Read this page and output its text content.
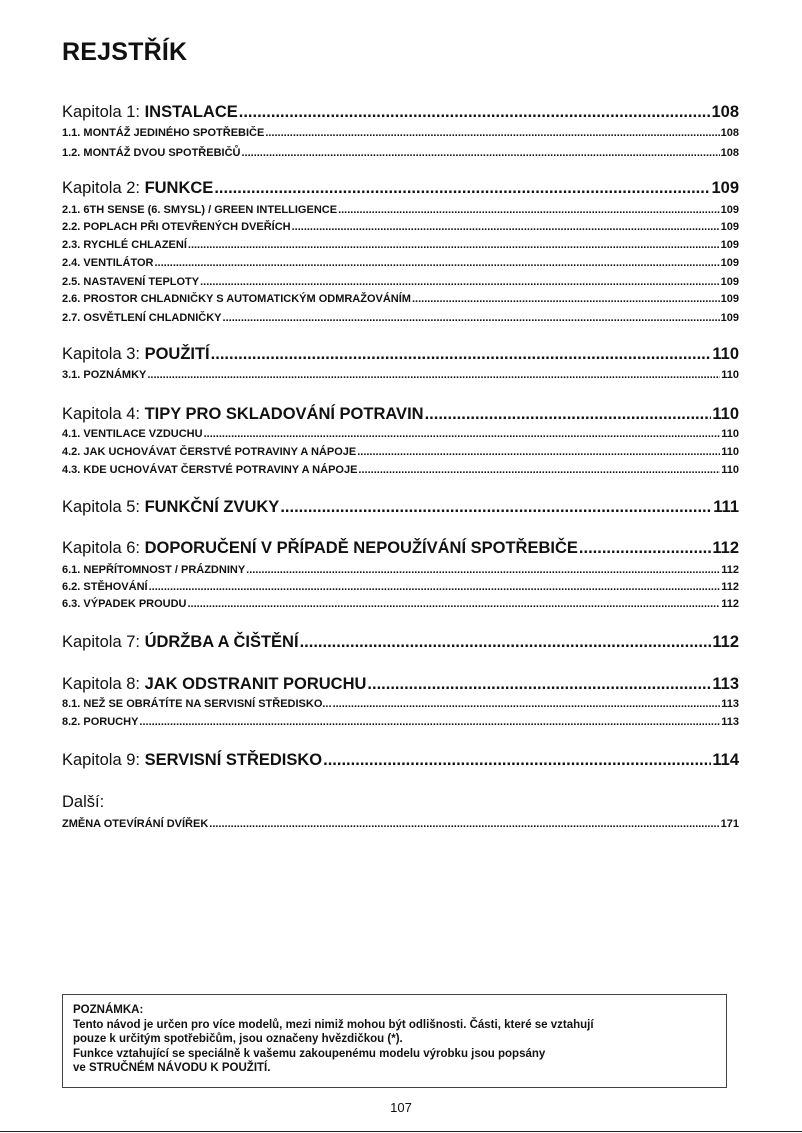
REJSTŘÍK
Kapitola 1: INSTALACE .....	108
1.1. MONTÁŽ JEDINÉHO SPOTŘEBIČE .....	108
1.2. MONTÁŽ DVOU SPOTŘEBIČŮ .....	108
Kapitola 2: FUNKCE .....	109
2.1. 6TH SENSE (6. SMYSL) / GREEN INTELLIGENCE .....	109
2.2. POPLACH PŘI OTEVŘENÝCH DVEŘÍCH .....	109
2.3. RYCHLÉ CHLAZENÍ .....	109
2.4. VENTILÁTOR .....	109
2.5. NASTAVENÍ TEPLOTY .....	109
2.6. PROSTOR CHLADNIČKY S AUTOMATICKÝM ODMRAŽOVÁNÍM .....	109
2.7. OSVĚTLENÍ CHLADNIČKY .....	109
Kapitola 3: POUŽITÍ .....	110
3.1. POZNÁMKY .....	110
Kapitola 4: TIPY PRO SKLADOVÁNÍ POTRAVIN .....	110
4.1. VENTILACE VZDUCHU .....	110
4.2. JAK UCHOVÁVAT ČERSTVÉ POTRAVINY A NÁPOJE .....	110
4.3. KDE UCHOVÁVAT ČERSTVÉ POTRAVINY A NÁPOJE .....	110
Kapitola 5: FUNKČNÍ ZVUKY .....	111
Kapitola 6: DOPORUČENÍ V PŘÍPADĚ NEPOUŽÍVÁNÍ SPOTŘEBIČE .....	112
6.1. NEPŘÍTOMNOST / PRÁZDNINY .....	112
6.2. STĚHOVÁNÍ .....	112
6.3. VÝPADEK PROUDU .....	112
Kapitola 7: ÚDRŽBA A ČIŠTĚNÍ .....	112
Kapitola 8: JAK ODSTRANIT PORUCHU .....	113
8.1. NEŽ SE OBRÁTÍTE NA SERVISNÍ STŘEDISKO... .....	113
8.2. PORUCHY .....	113
Kapitola 9: SERVISNÍ STŘEDISKO .....	114
Další:
ZMĚNA OTEVÍRÁNÍ DVÍŘEK .....	171
POZNÁMKA:
Tento návod je určen pro více modelů, mezi nimiž mohou být odlišnosti. Části, které se vztahují
pouze k určitým spotřebičům, jsou označeny hvězdičkou (*).
Funkce vztahující se speciálně k vašemu zakoupenému modelu výrobku jsou popsány
ve STRUČNÉM NÁVODU K POUŽITÍ.
107
